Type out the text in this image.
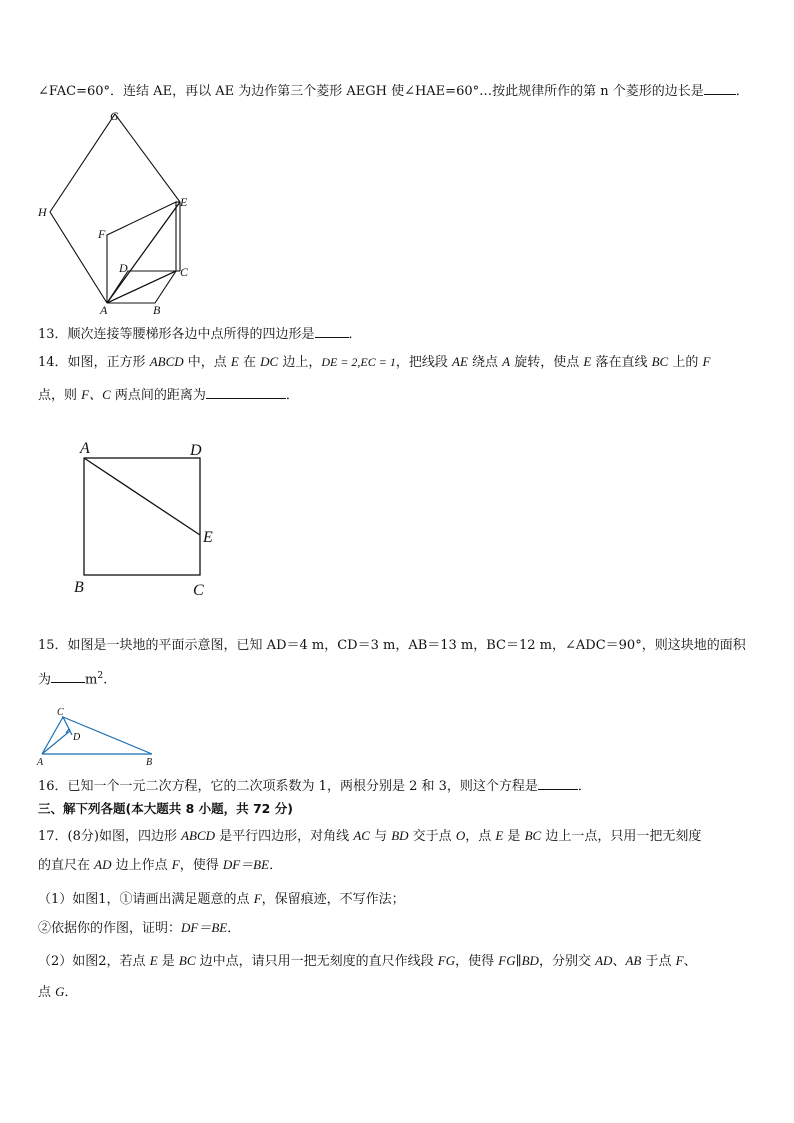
∠FAC=60°．连结 AE，再以 AE 为边作第三个菱形 AEGH 使∠HAE=60°…按此规律所作的第 n 个菱形的边长是 ．
G
H
E
F
D	C
A	B
13．顺次连接等腰梯形各边中点所得的四边形是	．
14．如图，正方形 ABCD 中，点 E 在 DC 边上，DE = 2,EC = 1，把线段 AE 绕点 A 旋转，使点 E 落在直线 BC 上的 F
点，则 F、C 两点间的距离为	．
A	D
E
B	C
15．如图是一块地的平面示意图，已知 AD＝4 m，CD＝3 m，AB＝13 m，BC＝12 m，∠ADC＝90°，则这块地的面积
为	$m^2$.
C
D
A	B
16．已知一个一元二次方程，它的二次项系数为 1，两根分别是 2 和 3，则这个方程是	．
三、解下列各题(本大题共 8 小题，共 72 分)
17．(8分)如图，四边形 ABCD 是平行四边形，对角线 AC 与 BD 交于点 O，点 E 是 BC 边上一点，只用一把无刻度
的直尺在 AD 边上作点 F，使得 DF＝BE．
（1）如图1，①请画出满足题意的点 F，保留痕迹，不写作法；
②依据你的作图，证明：DF＝BE．
（2）如图2，若点 E 是 BC 边中点，请只用一把无刻度的直尺作线段 FG，使得 FG∥BD，分别交 AD、AB 于点 F、
点 G．
